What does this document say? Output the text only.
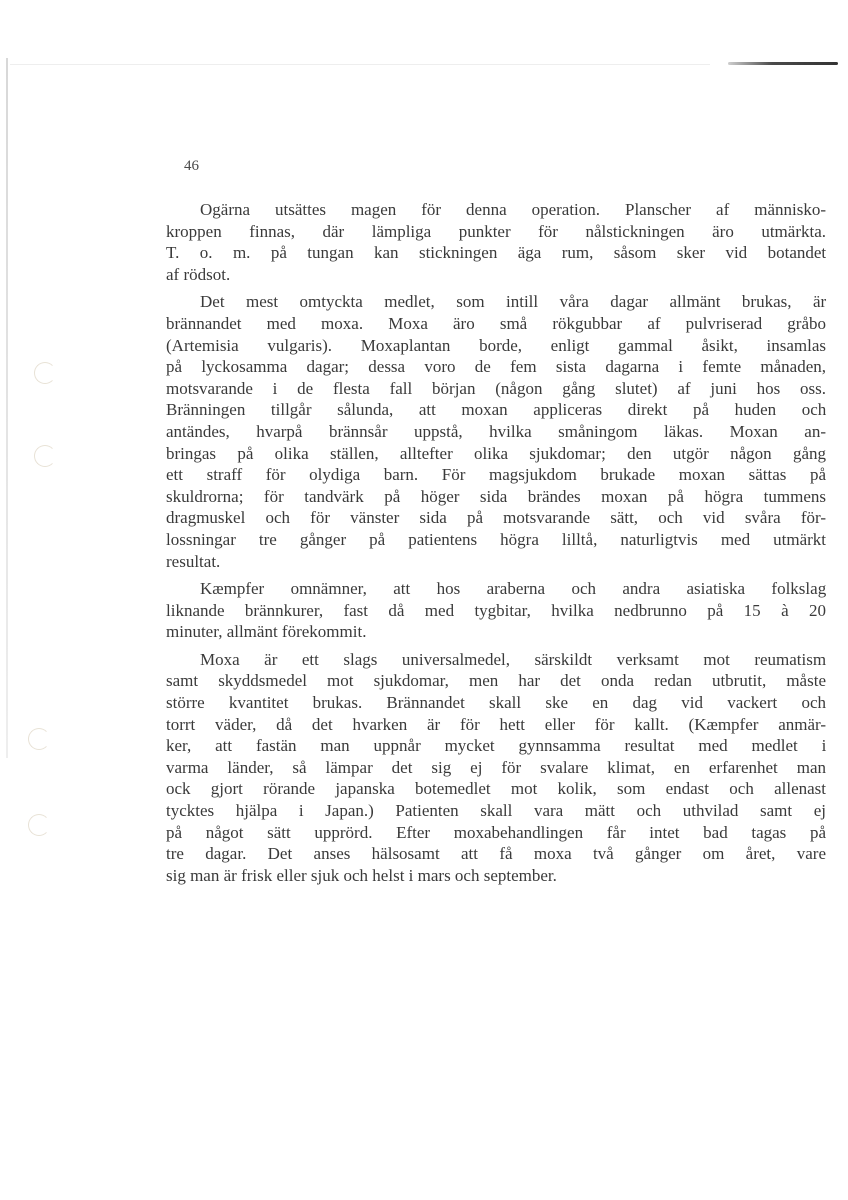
46
Ogärna utsättes magen för denna operation. Planscher af människo-
kroppen finnas, där lämpliga punkter för nålstickningen äro utmärkta.
T. o. m. på tungan kan stickningen äga rum, såsom sker vid botandet
af rödsot.
Det mest omtyckta medlet, som intill våra dagar allmänt brukas, är
brännandet med moxa. Moxa äro små rökgubbar af pulvriserad gråbo
(Artemisia vulgaris). Moxaplantan borde, enligt gammal åsikt, insamlas
på lyckosamma dagar; dessa voro de fem sista dagarna i femte månaden,
motsvarande i de flesta fall början (någon gång slutet) af juni hos oss.
Bränningen tillgår sålunda, att moxan appliceras direkt på huden och
antändes, hvarpå brännsår uppstå, hvilka småningom läkas. Moxan an-
bringas på olika ställen, alltefter olika sjukdomar; den utgör någon gång
ett straff för olydiga barn. För magsjukdom brukade moxan sättas på
skuldrorna; för tandvärk på höger sida brändes moxan på högra tummens
dragmuskel och för vänster sida på motsvarande sätt, och vid svåra för-
lossningar tre gånger på patientens högra lilltå, naturligtvis med utmärkt
resultat.
Kæmpfer omnämner, att hos araberna och andra asiatiska folkslag
liknande brännkurer, fast då med tygbitar, hvilka nedbrunno på 15 à 20
minuter, allmänt förekommit.
Moxa är ett slags universalmedel, särskildt verksamt mot reumatism
samt skyddsmedel mot sjukdomar, men har det onda redan utbrutit, måste
större kvantitet brukas. Brännandet skall ske en dag vid vackert och
torrt väder, då det hvarken är för hett eller för kallt. (Kæmpfer anmär-
ker, att fastän man uppnår mycket gynnsamma resultat med medlet i
varma länder, så lämpar det sig ej för svalare klimat, en erfarenhet man
ock gjort rörande japanska botemedlet mot kolik, som endast och allenast
tycktes hjälpa i Japan.) Patienten skall vara mätt och uthvilad samt ej
på något sätt upprörd. Efter moxabehandlingen får intet bad tagas på
tre dagar. Det anses hälsosamt att få moxa två gånger om året, vare
sig man är frisk eller sjuk och helst i mars och september.
